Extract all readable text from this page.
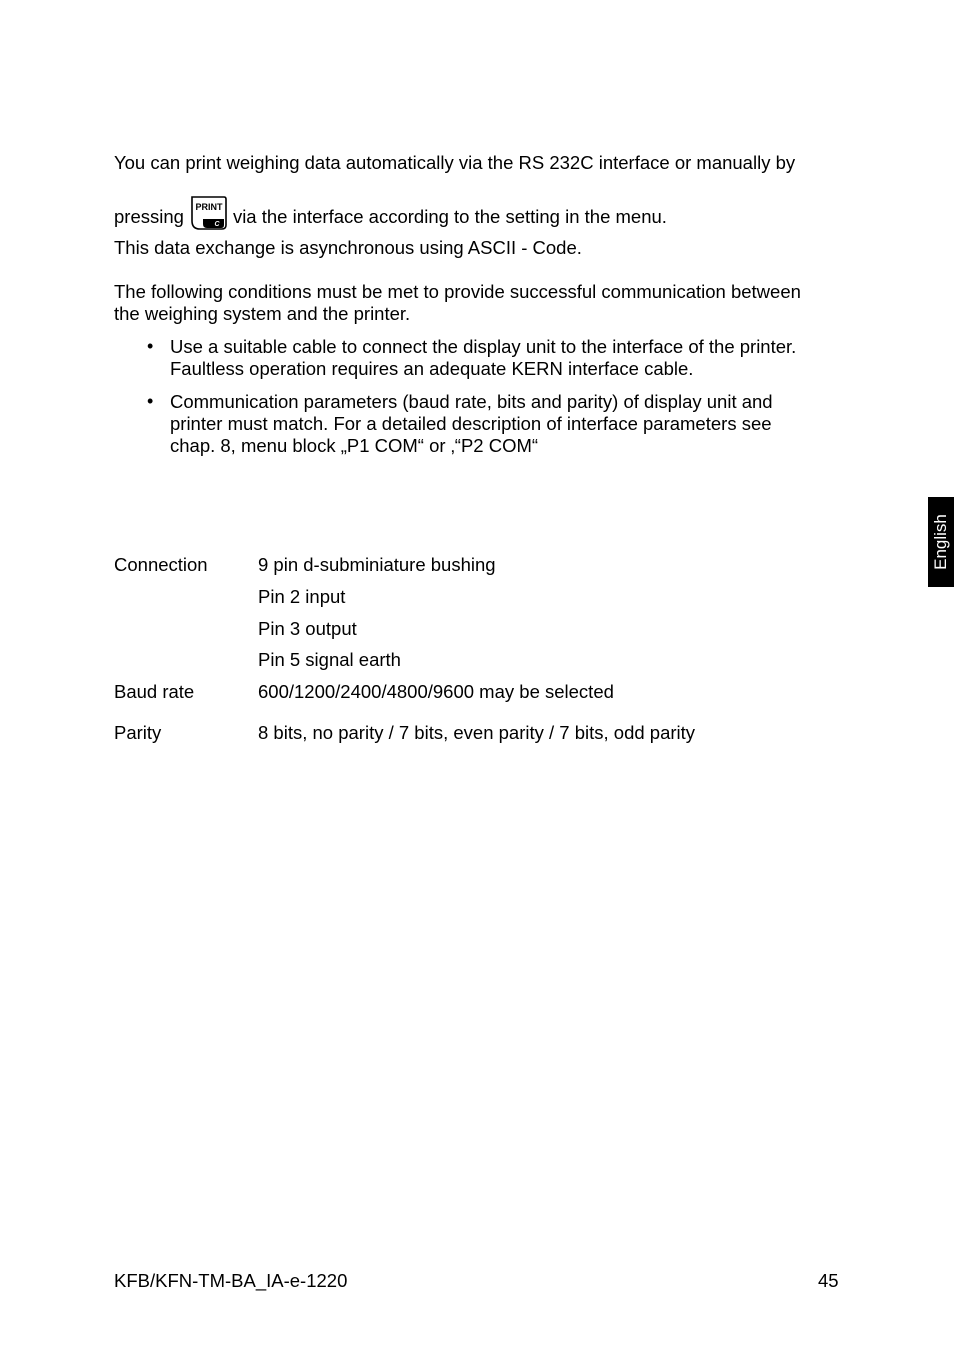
You can print weighing data automatically via the RS 232C interface or manually by
pressing PRINT
C via the interface according to the setting in the menu.
This data exchange is asynchronous using ASCII - Code.
The following conditions must be met to provide successful communication between
the weighing system and the printer.
• Use a suitable cable to connect the display unit to the interface of the printer.
Faultless operation requires an adequate KERN interface cable.
• Communication parameters (baud rate, bits and parity) of display unit and
printer must match. For a detailed description of interface parameters see
chap. 8, menu block „P1 COM“ or ‚“P2 COM“
Connection	9 pin d-subminiature bushing
Pin 2 input
Pin 3 output
Pin 5 signal earth
Baud rate	600/1200/2400/4800/9600 may be selected
Parity	8 bits, no parity / 7 bits, even parity / 7 bits, odd parity
English
KFB/KFN-TM-BA_IA-e-1220	45
